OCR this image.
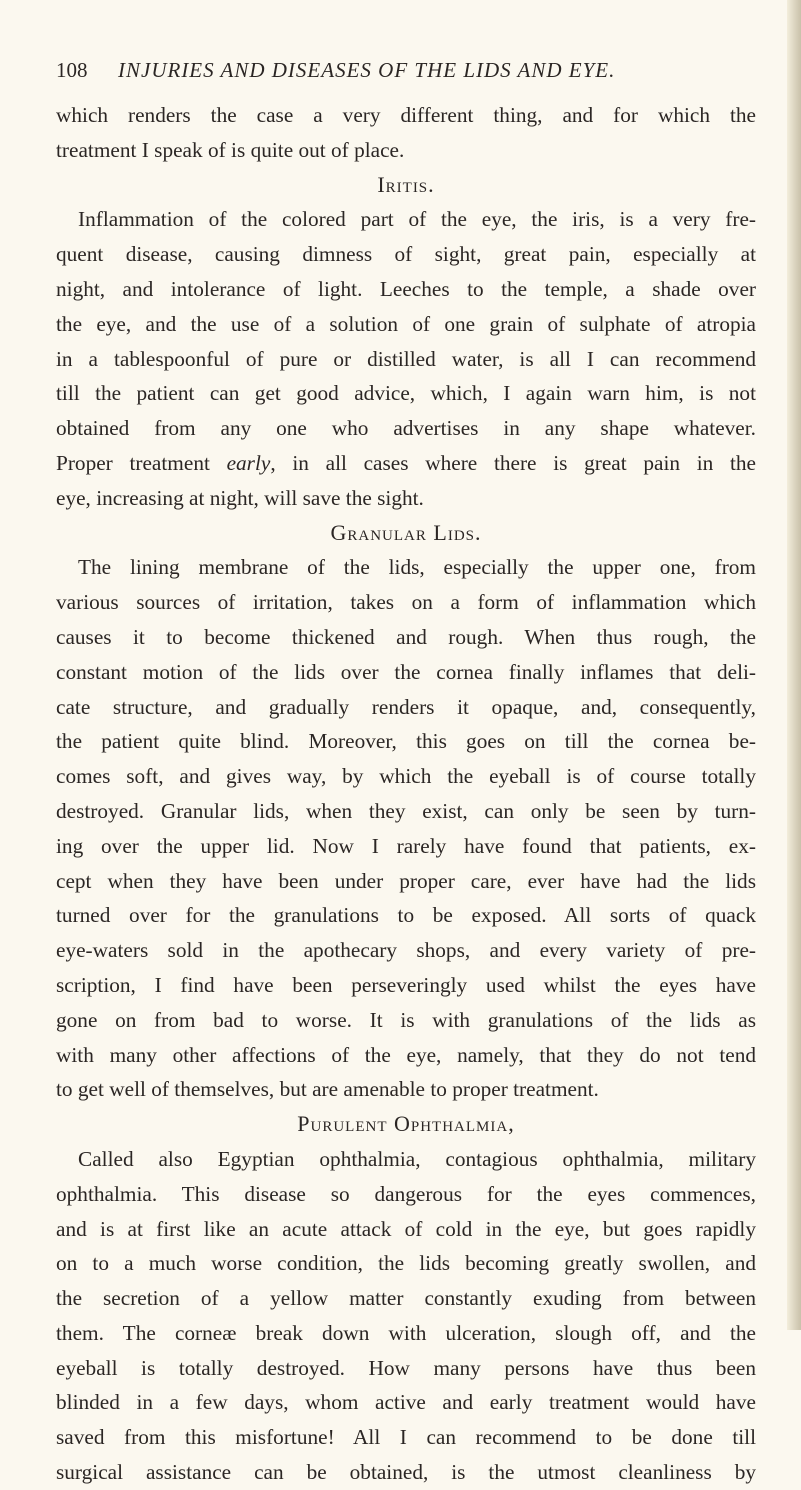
108 INJURIES AND DISEASES OF THE LIDS AND EYE.
which renders the case a very different thing, and for which the
treatment I speak of is quite out of place.
Iritis.
Inflammation of the colored part of the eye, the iris, is a very fre-
quent disease, causing dimness of sight, great pain, especially at
night, and intolerance of light. Leeches to the temple, a shade over
the eye, and the use of a solution of one grain of sulphate of atropia
in a tablespoonful of pure or distilled water, is all I can recommend
till the patient can get good advice, which, I again warn him, is not
obtained from any one who advertises in any shape whatever.
Proper treatment early, in all cases where there is great pain in the
eye, increasing at night, will save the sight.
Granular Lids.
The lining membrane of the lids, especially the upper one, from
various sources of irritation, takes on a form of inflammation which
causes it to become thickened and rough. When thus rough, the
constant motion of the lids over the cornea finally inflames that deli-
cate structure, and gradually renders it opaque, and, consequently,
the patient quite blind. Moreover, this goes on till the cornea be-
comes soft, and gives way, by which the eyeball is of course totally
destroyed. Granular lids, when they exist, can only be seen by turn-
ing over the upper lid. Now I rarely have found that patients, ex-
cept when they have been under proper care, ever have had the lids
turned over for the granulations to be exposed. All sorts of quack
eye-waters sold in the apothecary shops, and every variety of pre-
scription, I find have been perseveringly used whilst the eyes have
gone on from bad to worse. It is with granulations of the lids as
with many other affections of the eye, namely, that they do not tend
to get well of themselves, but are amenable to proper treatment.
Purulent Ophthalmia,
Called also Egyptian ophthalmia, contagious ophthalmia, military
ophthalmia. This disease so dangerous for the eyes commences,
and is at first like an acute attack of cold in the eye, but goes rapidly
on to a much worse condition, the lids becoming greatly swollen, and
the secretion of a yellow matter constantly exuding from between
them. The corneæ break down with ulceration, slough off, and the
eyeball is totally destroyed. How many persons have thus been
blinded in a few days, whom active and early treatment would have
saved from this misfortune! All I can recommend to be done till
surgical assistance can be obtained, is the utmost cleanliness by
